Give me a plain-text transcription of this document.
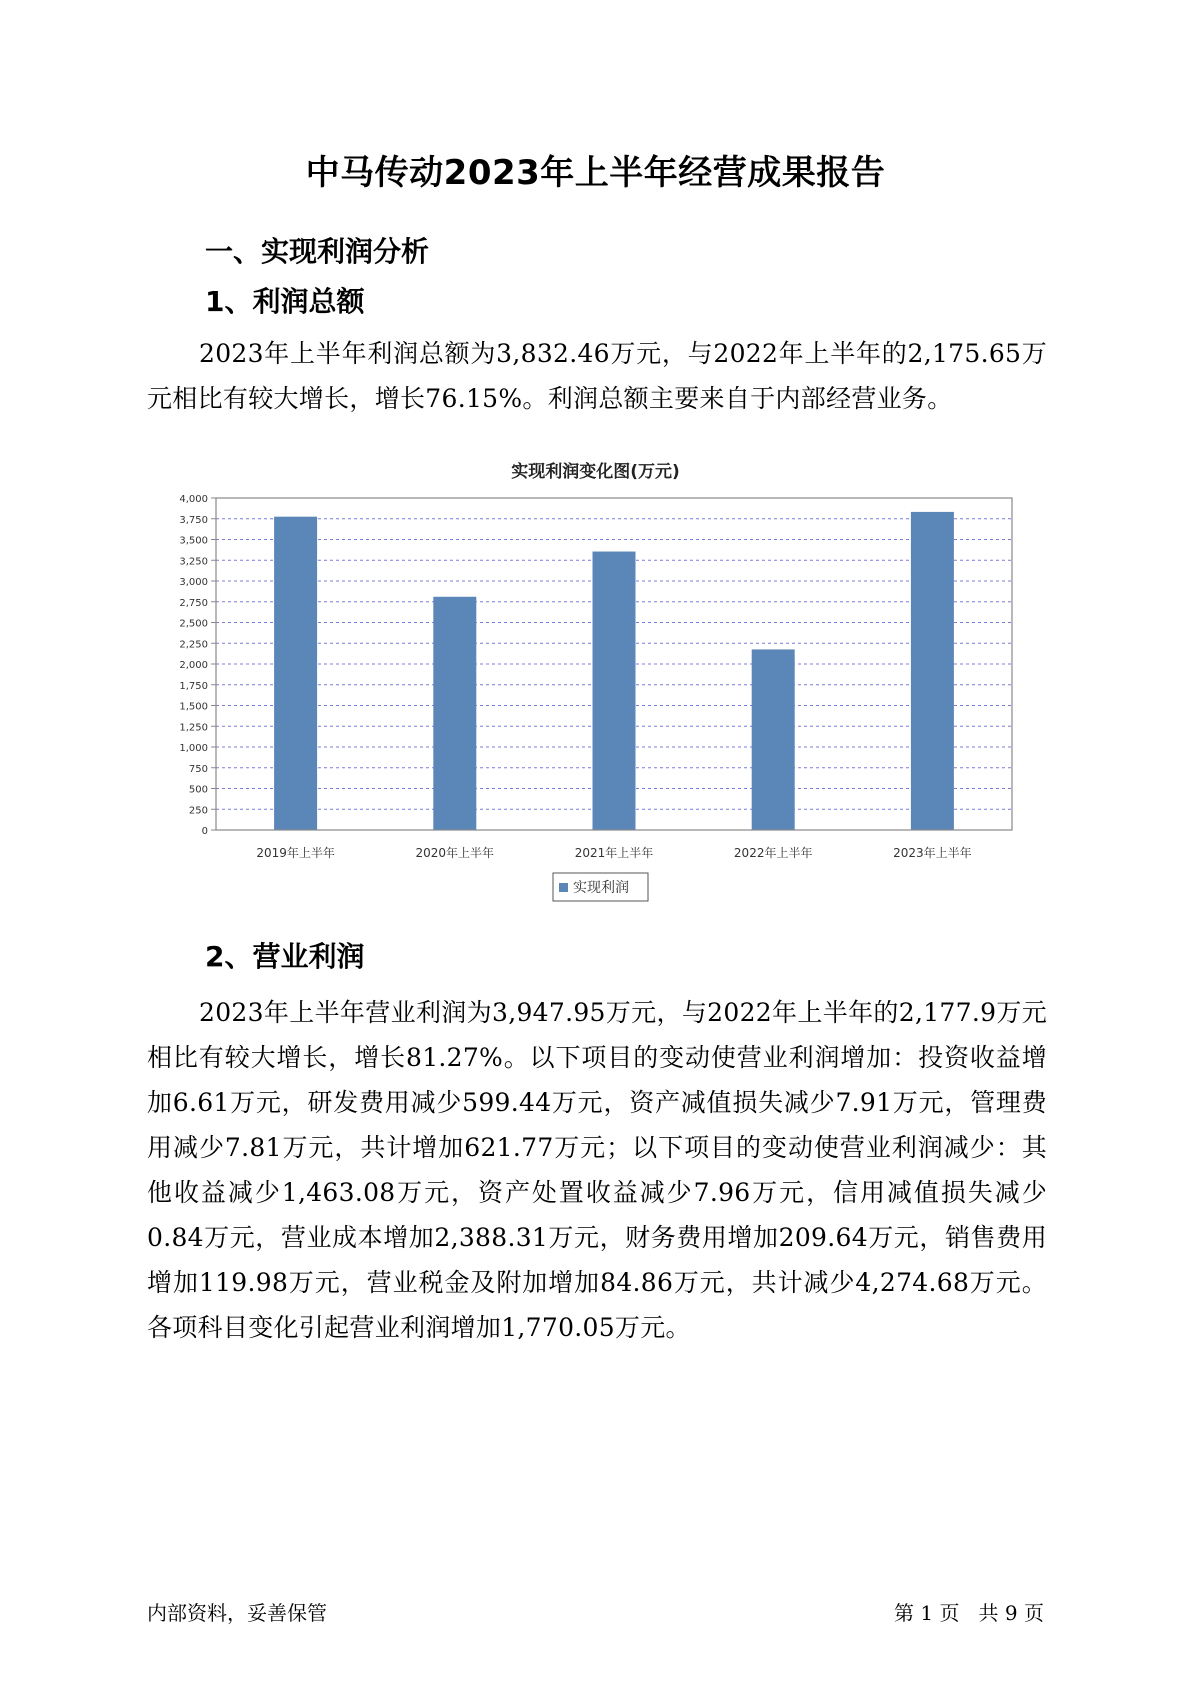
中马传动2023年上半年经营成果报告
一、实现利润分析
1、利润总额
2023年上半年利润总额为3,832.46万元，与2022年上半年的2,175.65万元相比有较大增长，增长76.15%。利润总额主要来自于内部经营业务。
实现利润变化图(万元)
0
250
500
750
1,000
1,250
1,500
1,750
2,000
2,250
2,500
2,750
3,000
3,250
3,500
3,750
4,000
2019年上半年	2020年上半年	2021年上半年	2022年上半年	2023年上半年
实现利润
2、营业利润
2023年上半年营业利润为3,947.95万元，与2022年上半年的2,177.9万元相比有较大增长，增长81.27%。以下项目的变动使营业利润增加：投资收益增加6.61万元，研发费用减少599.44万元，资产减值损失减少7.91万元，管理费用减少7.81万元，共计增加621.77万元；以下项目的变动使营业利润减少：其他收益减少1,463.08万元，资产处置收益减少7.96万元，信用减值损失减少0.84万元，营业成本增加2,388.31万元，财务费用增加209.64万元，销售费用增加119.98万元，营业税金及附加增加84.86万元，共计减少4,274.68万元。各项科目变化引起营业利润增加1,770.05万元。
内部资料，妥善保管	第 1 页   共 9 页
